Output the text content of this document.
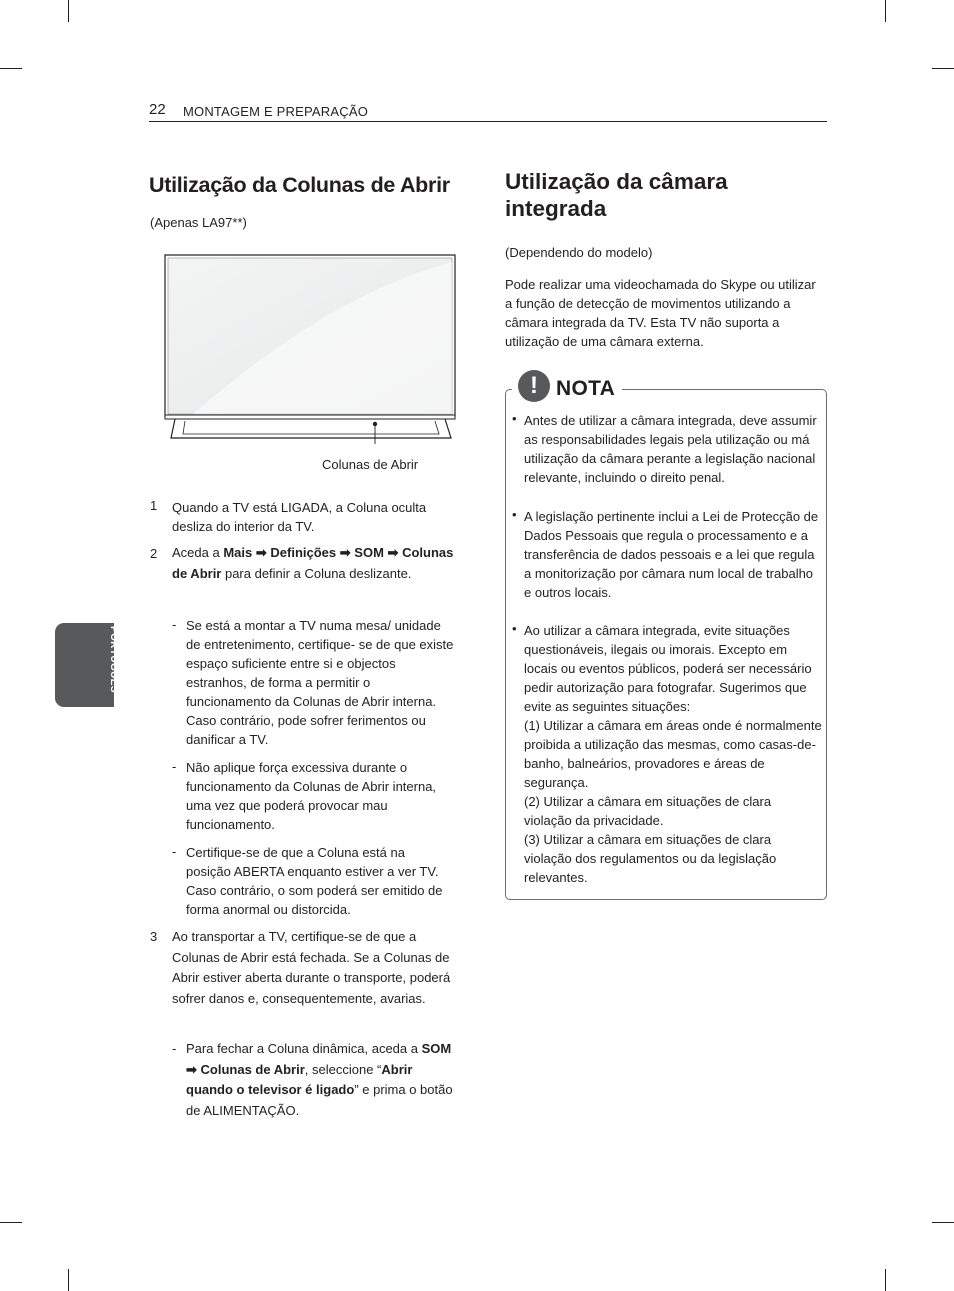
22 MONTAGEM E PREPARAÇÃO
PORTUGUÊS
Utilização da Colunas de Abrir
(Apenas LA97**)
Colunas de Abrir
1 Quando a TV está LIGADA, a Coluna oculta desliza do interior da TV.
2 Aceda a Mais ➡ Definições ➡ SOM ➡ Colunas de Abrir para definir a Coluna deslizante.
- Se está a montar a TV numa mesa/ unidade de entretenimento, certifique- se de que existe espaço suficiente entre si e objectos estranhos, de forma a permitir o funcionamento da Colunas de Abrir interna. Caso contrário, pode sofrer ferimentos ou danificar a TV.
- Não aplique força excessiva durante o funcionamento da Colunas de Abrir interna, uma vez que poderá provocar mau funcionamento.
- Certifique-se de que a Coluna está na posição ABERTA enquanto estiver a ver TV. Caso contrário, o som poderá ser emitido de forma anormal ou distorcida.
3 Ao transportar a TV, certifique-se de que a Colunas de Abrir está fechada. Se a Colunas de Abrir estiver aberta durante o transporte, poderá sofrer danos e, consequentemente, avarias.
- Para fechar a Coluna dinâmica, aceda a SOM ➡ Colunas de Abrir, seleccione “Abrir quando o televisor é ligado” e prima o botão de ALIMENTAÇÃO.
Utilização da câmara integrada
(Dependendo do modelo)
Pode realizar uma videochamada do Skype ou utilizar a função de detecção de movimentos utilizando a câmara integrada da TV. Esta TV não suporta a utilização de uma câmara externa.
! NOTA
• Antes de utilizar a câmara integrada, deve assumir as responsabilidades legais pela utilização ou má utilização da câmara perante a legislação nacional relevante, incluindo o direito penal.
• A legislação pertinente inclui a Lei de Protecção de Dados Pessoais que regula o processamento e a transferência de dados pessoais e a lei que regula a monitorização por câmara num local de trabalho e outros locais.
• Ao utilizar a câmara integrada, evite situações questionáveis, ilegais ou imorais. Excepto em locais ou eventos públicos, poderá ser necessário pedir autorização para fotografar. Sugerimos que evite as seguintes situações:
(1) Utilizar a câmara em áreas onde é normalmente proibida a utilização das mesmas, como casas-de-banho, balneários, provadores e áreas de segurança.
(2) Utilizar a câmara em situações de clara violação da privacidade.
(3) Utilizar a câmara em situações de clara violação dos regulamentos ou da legislação relevantes.
